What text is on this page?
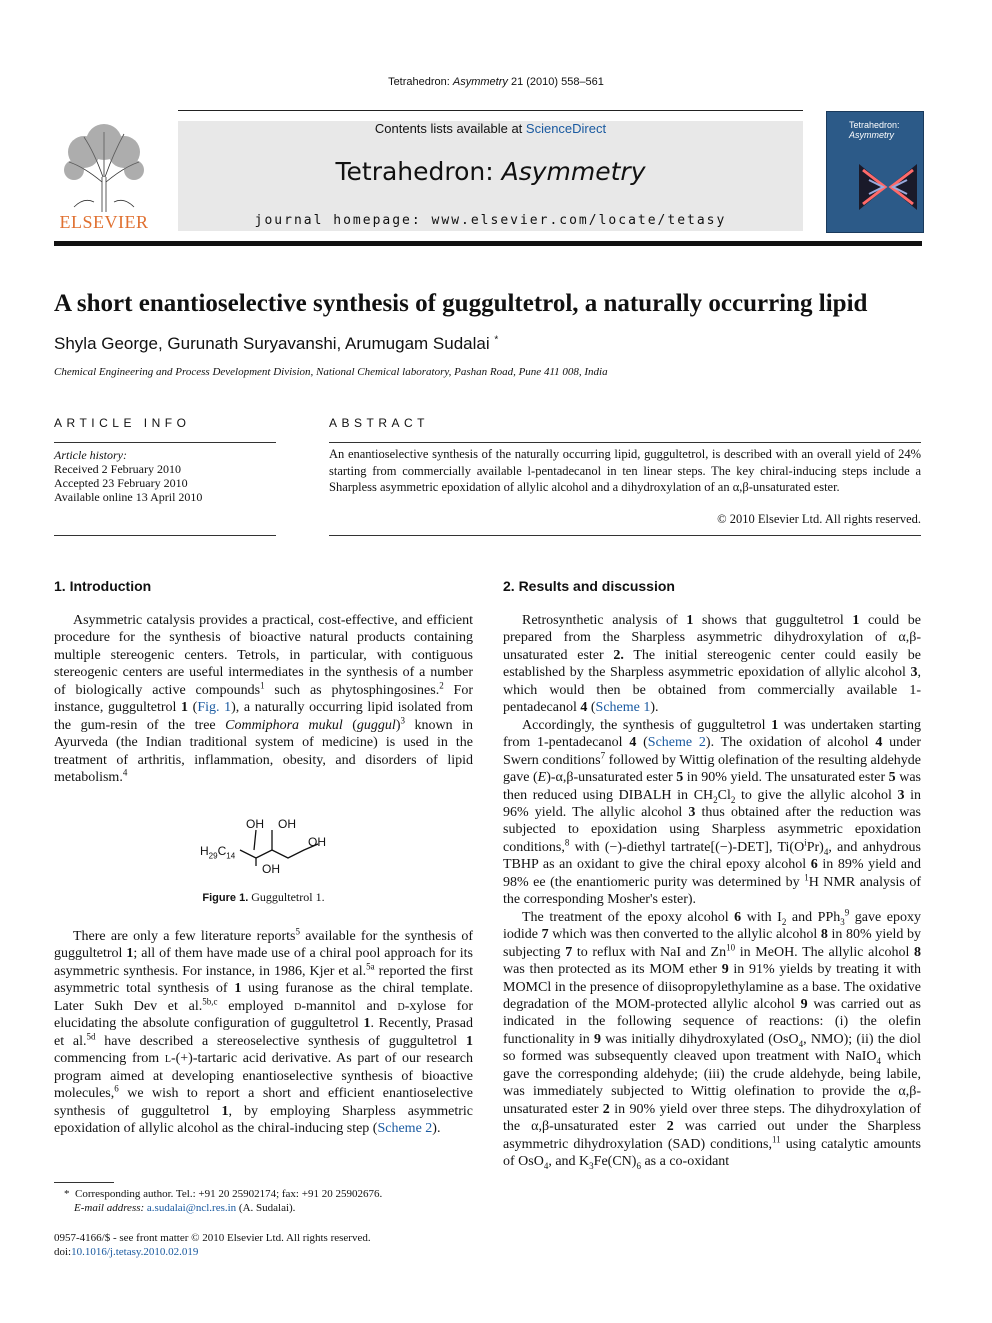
Tetrahedron: Asymmetry 21 (2010) 558–561
ELSEVIER
Contents lists available at ScienceDirect
Tetrahedron: Asymmetry
journal homepage: www.elsevier.com/locate/tetasy
Tetrahedron:
Asymmetry
A short enantioselective synthesis of guggultetrol, a naturally occurring lipid
Shyla George, Gurunath Suryavanshi, Arumugam Sudalai *
Chemical Engineering and Process Development Division, National Chemical laboratory, Pashan Road, Pune 411 008, India
ARTICLE INFO
Article history:
Received 2 February 2010
Accepted 23 February 2010
Available online 13 April 2010
ABSTRACT
An enantioselective synthesis of the naturally occurring lipid, guggultetrol, is described with an overall yield of 24% starting from commercially available l-pentadecanol in ten linear steps. The key chiral-inducing steps include a Sharpless asymmetric epoxidation of allylic alcohol and a dihydroxylation of an α,β-unsaturated ester.
© 2010 Elsevier Ltd. All rights reserved.
1. Introduction	2. Results and discussion

Asymmetric catalysis provides a practical, cost-effective, and efficient procedure for the synthesis of bioactive natural products containing multiple stereogenic centers. Tetrols, in particular, with contiguous stereogenic centers are useful intermediates in the synthesis of a number of biologically active compounds$^1$ such as phytosphingosines.$^2$ For instance, guggultetrol 1 (Fig. 1), a naturally occurring lipid isolated from the gum-resin of the tree Commiphora mukul (guggul)$^3$ known in Ayurveda (the Indian traditional system of medicine) is used in the treatment of arthritis, inflammation, obesity, and disorders of lipid metabolism.$^4$

OH OH
OH
OH
$H_{29}C_{14}$
Figure 1. Guggultetrol 1.

There are only a few literature reports$^5$ available for the synthesis of guggultetrol 1; all of them have made use of a chiral pool approach for its asymmetric synthesis. For instance, in 1986, Kjer et al.$^{5a}$ reported the first asymmetric total synthesis of 1 using furanose as the chiral template. Later Sukh Dev et al.$^{5b,c}$ employed d-mannitol and d-xylose for elucidating the absolute configuration of guggultetrol 1. Recently, Prasad et al.$^{5d}$ have described a stereoselective synthesis of guggultetrol 1 commencing from l-(+)-tartaric acid derivative. As part of our research program aimed at developing enantioselective synthesis of bioactive molecules,$^6$ we wish to report a short and efficient enantioselective synthesis of guggultetrol 1, by employing Sharpless asymmetric epoxidation of allylic alcohol as the chiral-inducing step (Scheme 2).

Retrosynthetic analysis of 1 shows that guggultetrol 1 could be prepared from the Sharpless asymmetric dihydroxylation of α,β-unsaturated ester 2. The initial stereogenic center could easily be established by the Sharpless asymmetric epoxidation of allylic alcohol 3, which would then be obtained from commercially available 1-pentadecanol 4 (Scheme 1).

Accordingly, the synthesis of guggultetrol 1 was undertaken starting from 1-pentadecanol 4 (Scheme 2). The oxidation of alcohol 4 under Swern conditions$^7$ followed by Wittig olefination of the resulting aldehyde gave (E)-α,β-unsaturated ester 5 in 90% yield. The unsaturated ester 5 was then reduced using DIBALH in $CH_2Cl_2$ to give the allylic alcohol 3 in 96% yield. The allylic alcohol 3 thus obtained after the reduction was subjected to epoxidation using Sharpless asymmetric epoxidation conditions,$^8$ with (−)-diethyl tartrate[(−)-DET], $Ti(O^iPr)_4$, and anhydrous TBHP as an oxidant to give the chiral epoxy alcohol 6 in 89% yield and 98% ee (the enantiomeric purity was determined by $^1$H NMR analysis of the corresponding Mosher's ester).

The treatment of the epoxy alcohol 6 with $I_2$ and PPh$_3^9$ gave epoxy iodide 7 which was then converted to the allylic alcohol 8 in 80% yield by subjecting 7 to reflux with NaI and Zn$^{10}$ in MeOH. The allylic alcohol 8 was then protected as its MOM ether 9 in 91% yields by treating it with MOMCl in the presence of diisopropylethylamine as a base. The oxidative degradation of the MOM-protected allylic alcohol 9 was carried out as indicated in the following sequence of reactions: (i) the olefin functionality in 9 was initially dihydroxylated (OsO$_4$, NMO); (ii) the diol so formed was subsequently cleaved upon treatment with NaIO$_4$ which gave the corresponding aldehyde; (iii) the crude aldehyde, being labile, was immediately subjected to Wittig olefination to provide the α,β-unsaturated ester 2 in 90% yield over three steps. The dihydroxylation of the α,β-unsaturated ester 2 was carried out under the Sharpless asymmetric dihydroxylation (SAD) conditions,$^{11}$ using catalytic amounts of OsO$_4$, and $K_3Fe(CN)_6$ as a co-oxidant

* Corresponding author. Tel.: +91 20 25902174; fax: +91 20 25902676.
E-mail address: a.sudalai@ncl.res.in (A. Sudalai).
0957-4166/$ - see front matter © 2010 Elsevier Ltd. All rights reserved.
doi:10.1016/j.tetasy.2010.02.019
